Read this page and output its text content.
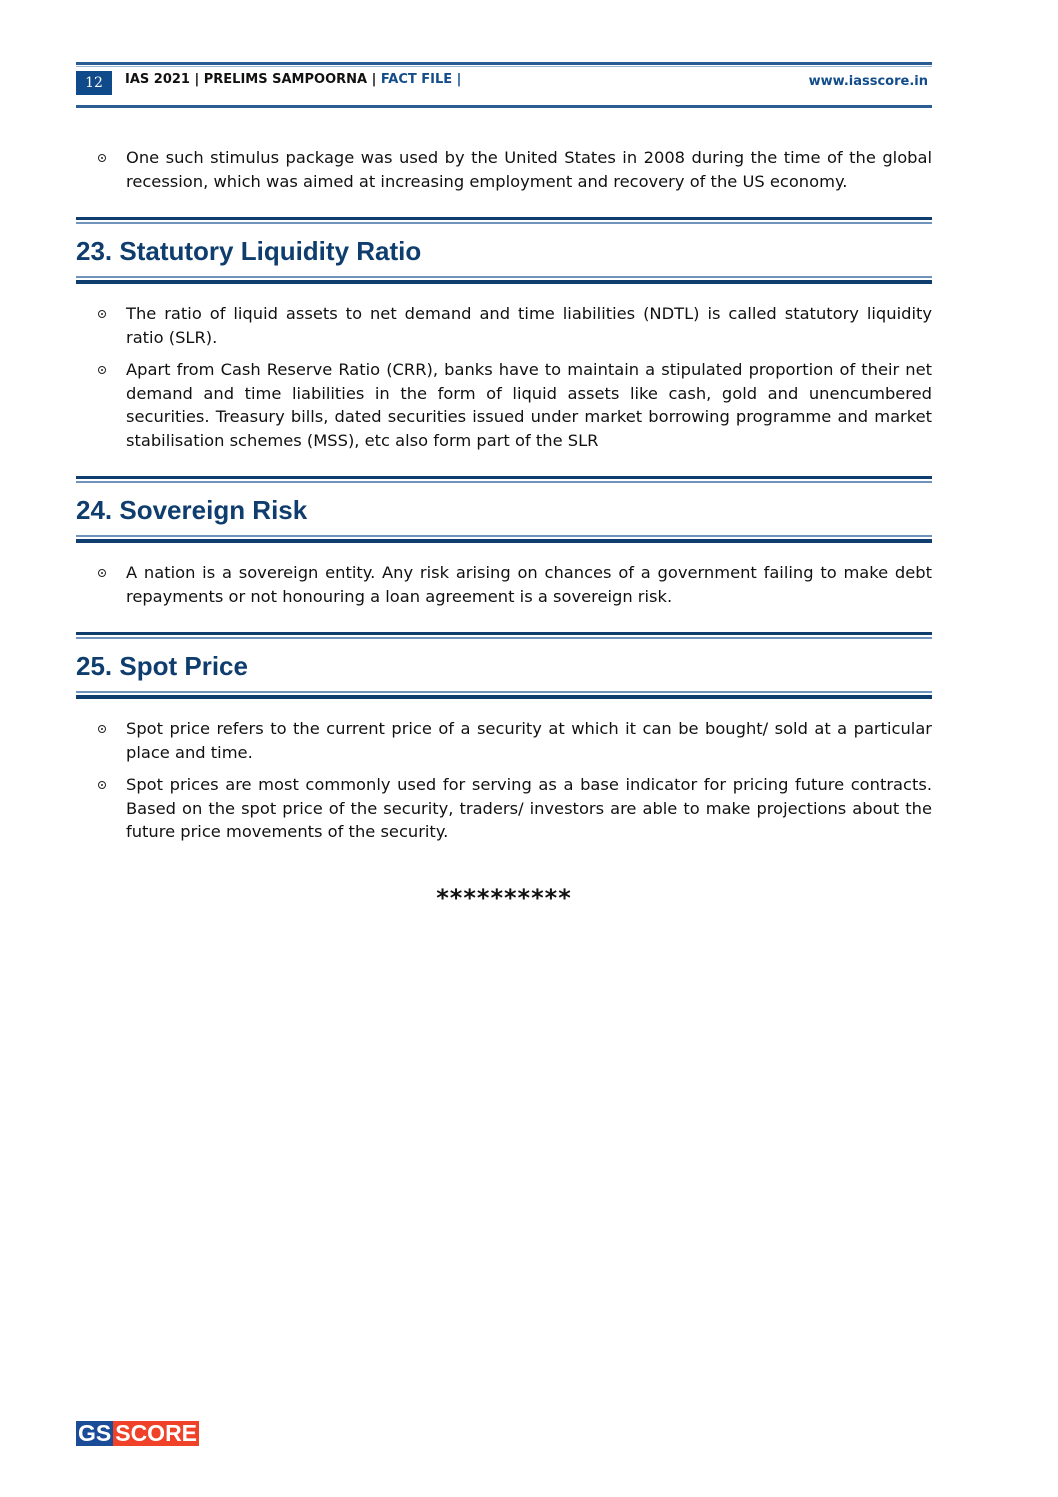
12	IAS 2021 | PRELIMS SAMPOORNA | FACT FILE |	www.iasscore.in
One such stimulus package was used by the United States in 2008 during the time of the global recession, which was aimed at increasing employment and recovery of the US economy.
23. Statutory Liquidity Ratio
The ratio of liquid assets to net demand and time liabilities (NDTL) is called statutory liquidity ratio (SLR).
Apart from Cash Reserve Ratio (CRR), banks have to maintain a stipulated proportion of their net demand and time liabilities in the form of liquid assets like cash, gold and unencumbered securities. Treasury bills, dated securities issued under market borrowing programme and market stabilisation schemes (MSS), etc also form part of the SLR
24. Sovereign Risk
A nation is a sovereign entity. Any risk arising on chances of a government failing to make debt repayments or not honouring a loan agreement is a sovereign risk.
25. Spot Price
Spot price refers to the current price of a security at which it can be bought/ sold at a particular place and time.
Spot prices are most commonly used for serving as a base indicator for pricing future contracts. Based on the spot price of the security, traders/ investors are able to make projections about the future price movements of the security.
**********
GS SCORE
